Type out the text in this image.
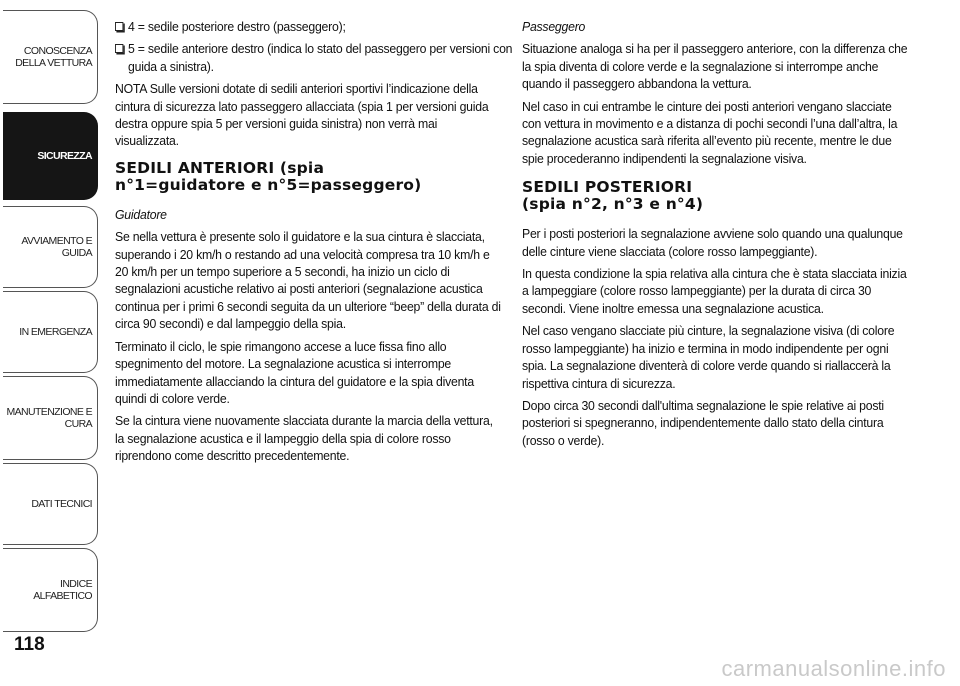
CONOSCENZA
DELLA VETTURA
SICUREZZA
AVVIAMENTO E
GUIDA
IN EMERGENZA
MANUTENZIONE E
CURA
DATI TECNICI
INDICE ALFABETICO
118

4 = sedile posteriore destro (passeggero);

5 = sedile anteriore destro (indica lo stato del passeggero per versioni con guida a sinistra).

NOTA Sulle versioni dotate di sedili anteriori sportivi l’indicazione della cintura di sicurezza lato passeggero allacciata (spia 1 per versioni guida destra oppure spia 5 per versioni guida sinistra) non verrà mai visualizzata.

SEDILI ANTERIORI (spia
n°1=guidatore e n°5=passeggero)

Guidatore

Se nella vettura è presente solo il guidatore e la sua cintura è slacciata, superando i 20 km/h o restando ad una velocità compresa tra 10 km/h e 20 km/h per un tempo superiore a 5 secondi, ha inizio un ciclo di segnalazioni acustiche relativo ai posti anteriori (segnalazione acustica continua per i primi 6 secondi seguita da un ulteriore “beep” della durata di circa 90 secondi) e dal lampeggio della spia.

Terminato il ciclo, le spie rimangono accese a luce fissa fino allo spegnimento del motore. La segnalazione acustica si interrompe immediatamente allacciando la cintura del guidatore e la spia diventa quindi di colore verde.

Se la cintura viene nuovamente slacciata durante la marcia della vettura, la segnalazione acustica e il lampeggio della spia di colore rosso riprendono come descritto precedentemente.

Passeggero

Situazione analoga si ha per il passeggero anteriore, con la differenza che la spia diventa di colore verde e la segnalazione si interrompe anche quando il passeggero abbandona la vettura.

Nel caso in cui entrambe le cinture dei posti anteriori vengano slacciate con vettura in movimento e a distanza di pochi secondi l’una dall’altra, la segnalazione acustica sarà riferita all’evento più recente, mentre le due spie procederanno indipendenti la segnalazione visiva.

SEDILI POSTERIORI
(spia n°2, n°3 e n°4)

Per i posti posteriori la segnalazione avviene solo quando una qualunque delle cinture viene slacciata (colore rosso lampeggiante).

In questa condizione la spia relativa alla cintura che è stata slacciata inizia a lampeggiare (colore rosso lampeggiante) per la durata di circa 30 secondi. Viene inoltre emessa una segnalazione acustica.

Nel caso vengano slacciate più cinture, la segnalazione visiva (di colore rosso lampeggiante) ha inizio e termina in modo indipendente per ogni spia. La segnalazione diventerà di colore verde quando si riallaccerà la rispettiva cintura di sicurezza.

Dopo circa 30 secondi dall'ultima segnalazione le spie relative ai posti posteriori si spegneranno, indipendentemente dallo stato della cintura (rosso o verde).

carmanualsonline.info
